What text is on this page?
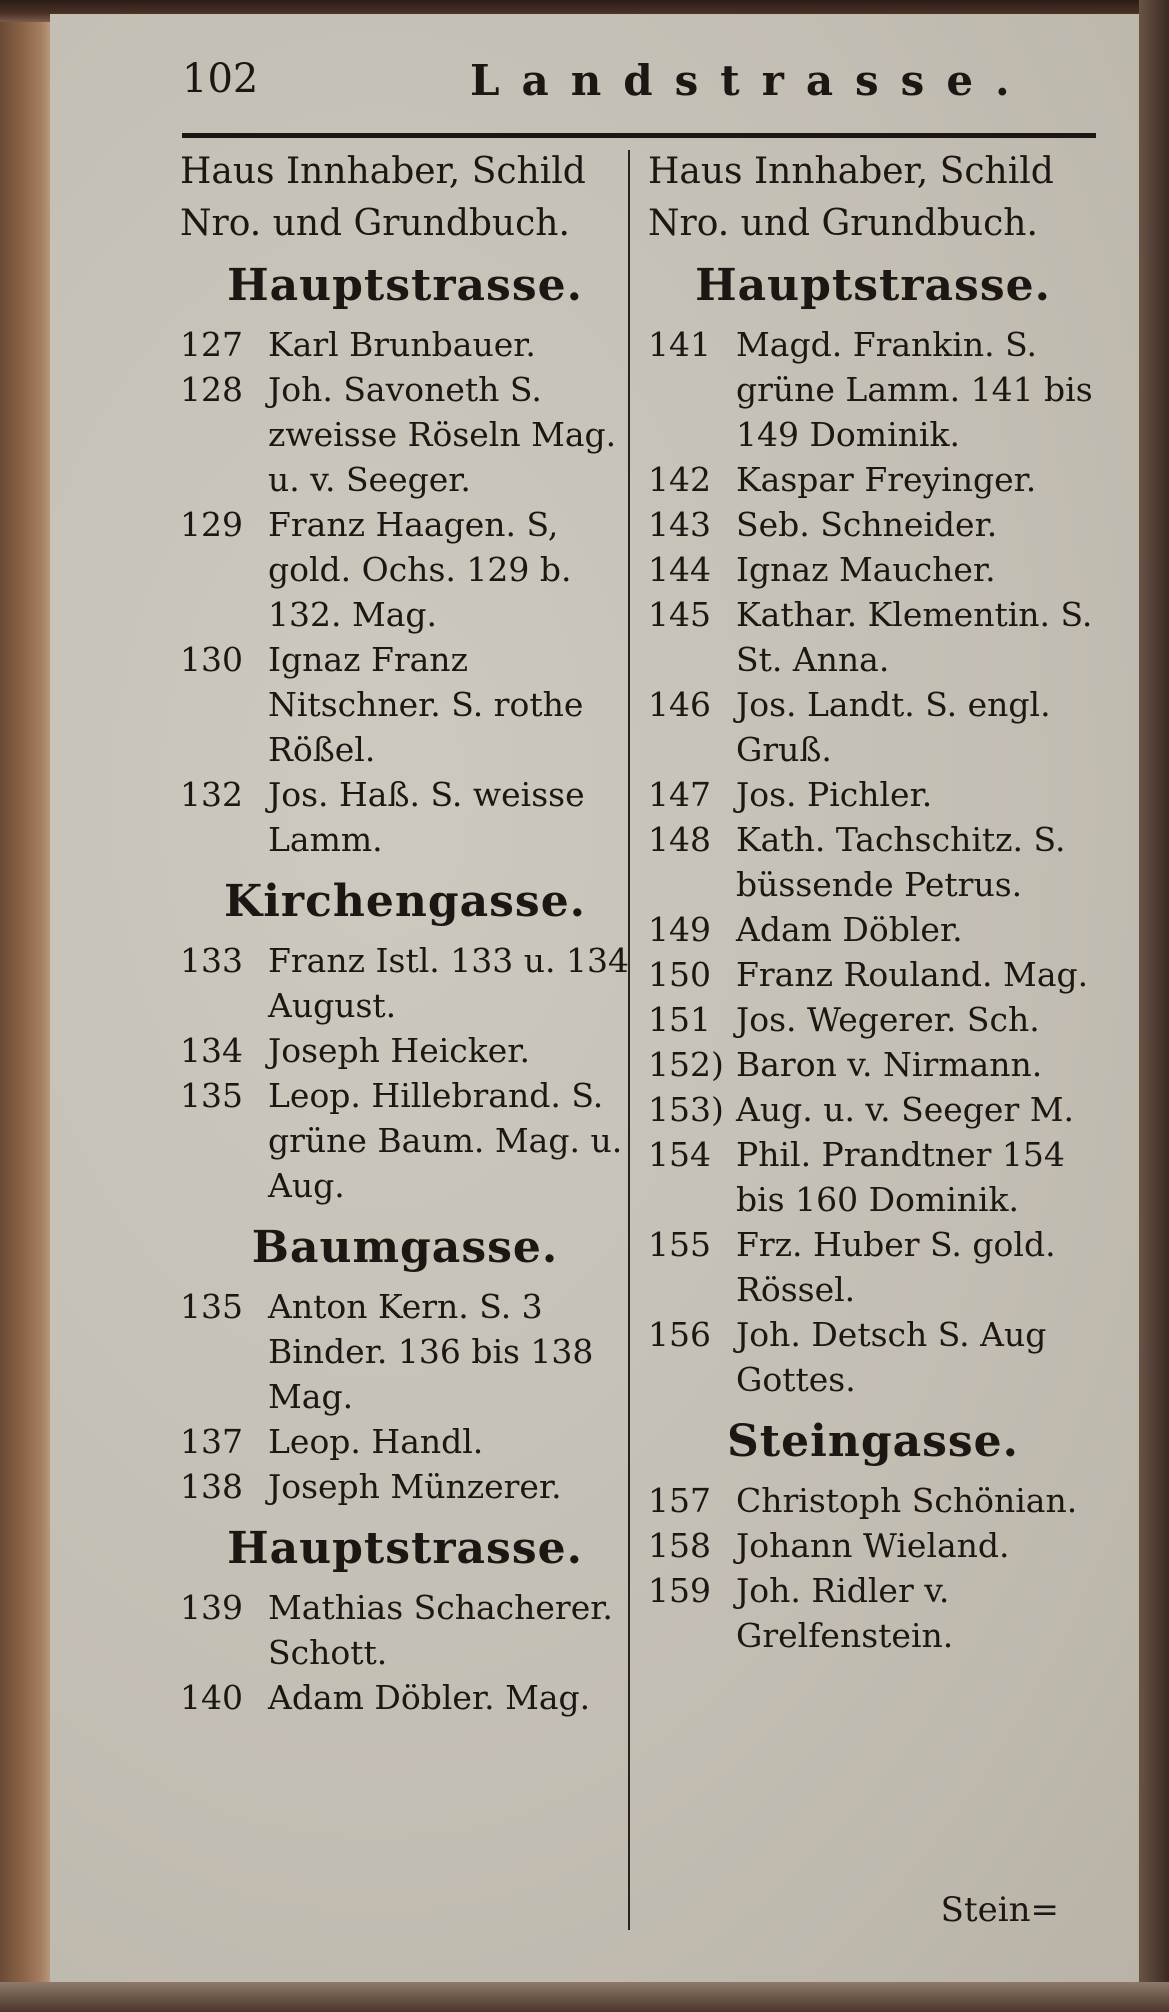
102	Landstrasse.
Haus Innhaber, Schild
Nro. und Grundbuch.
Hauptstrasse.
127 Karl Brunbauer.
128 Joh. Savoneth S. zweisse Röseln Mag. u. v. Seeger.
129 Franz Haagen. S, gold. Ochs. 129 b. 132. Mag.
130 Ignaz Franz Nitschner. S. rothe Rößel.
132 Jos. Haß. S. weisse Lamm.
Kirchengasse.
133 Franz Istl. 133 u. 134 August.
134 Joseph Heicker.
135 Leop. Hillebrand. S. grüne Baum. Mag. u. Aug.
Baumgasse.
135 Anton Kern. S. 3 Binder. 136 bis 138 Mag.
137 Leop. Handl.
138 Joseph Münzerer.
Hauptstrasse.
139 Mathias Schacherer. Schott.
140 Adam Döbler. Mag.
Haus Innhaber, Schild
Nro. und Grundbuch.
Hauptstrasse.
141 Magd. Frankin. S. grüne Lamm. 141 bis 149 Dominik.
142 Kaspar Freyinger.
143 Seb. Schneider.
144 Ignaz Maucher.
145 Kathar. Klementin. S. St. Anna.
146 Jos. Landt. S. engl. Gruß.
147 Jos. Pichler.
148 Kath. Tachschitz. S. büssende Petrus.
149 Adam Döbler.
150 Franz Rouland. Mag.
151 Jos. Wegerer. Sch.
152) Baron v. Nirmann.
153) Aug. u. v. Seeger M.
154 Phil. Prandtner 154 bis 160 Dominik.
155 Frz. Huber S. gold. Rössel.
156 Joh. Detsch S. Aug Gottes.
Steingasse.
157 Christoph Schönian.
158 Johann Wieland.
159 Joh. Ridler v. Grelfenstein.
Stein=
